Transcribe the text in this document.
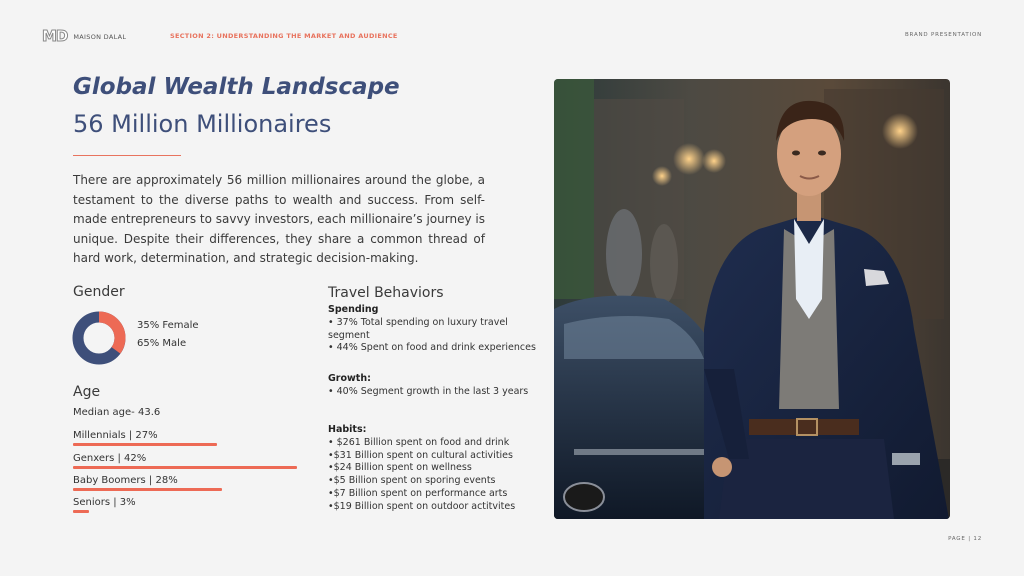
MD MAISON DALAL	SECTION 2: UNDERSTANDING THE MARKET AND AUDIENCE	BRAND PRESENTATION
Global Wealth Landscape
56 Million Millionaires
There are approximately 56 million millionaires around the globe, a testament to the diverse paths to wealth and success. From self-made entrepreneurs to savvy investors, each millionaire’s journey is unique. Despite their differences, they share a common thread of hard work, determination, and strategic decision-making.
Gender
35% Female
65% Male
Age
Median age- 43.6
Millennials | 27%
Genxers | 42%
Baby Boomers | 28%
Seniors | 3%
Travel Behaviors
Spending
• 37% Total spending on luxury travel segment
• 44% Spent on food and drink experiences
Growth:
• 40% Segment growth in the last 3 years
Habits:
• $261 Billion spent on food and drink
•$31 Billion spent on cultural activities
•$24 Billion spent on wellness
•$5 Billion spent on sporing events
•$7 Billion spent on performance arts
•$19 Billion spent on outdoor actitvites
PAGE | 12
